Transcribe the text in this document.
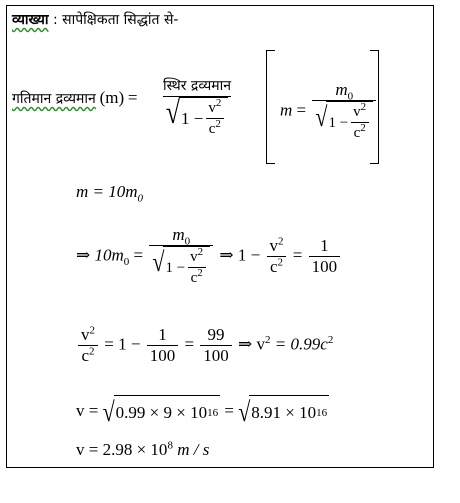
व्याख्या : सापेक्षिकता सिद्धांत से-
गतिमान द्रव्यमान (m) =
स्थिर द्रव्यमान
√ $1 - \frac{v^2}{c^2}$	$m = \frac{m_0}{√ 1 - \frac{v^2}{c^2}}$
$m = 10m_0$
⇒ $10m_0 = \frac{m_0}{√ 1 - \frac{v^2}{c^2}}$ ⇒ $1 - \frac{v^2}{c^2} = \frac{1}{100}$
$\frac{v^2}{c^2} = 1 - \frac{1}{100} = \frac{99}{100}$ ⇒ $v^2 = 0.99c^2$
v = √ 0.99 × 9 × 10 16 = √ 8.91 × 10 16
$v = 2.98 \times 10^8$ m / s
